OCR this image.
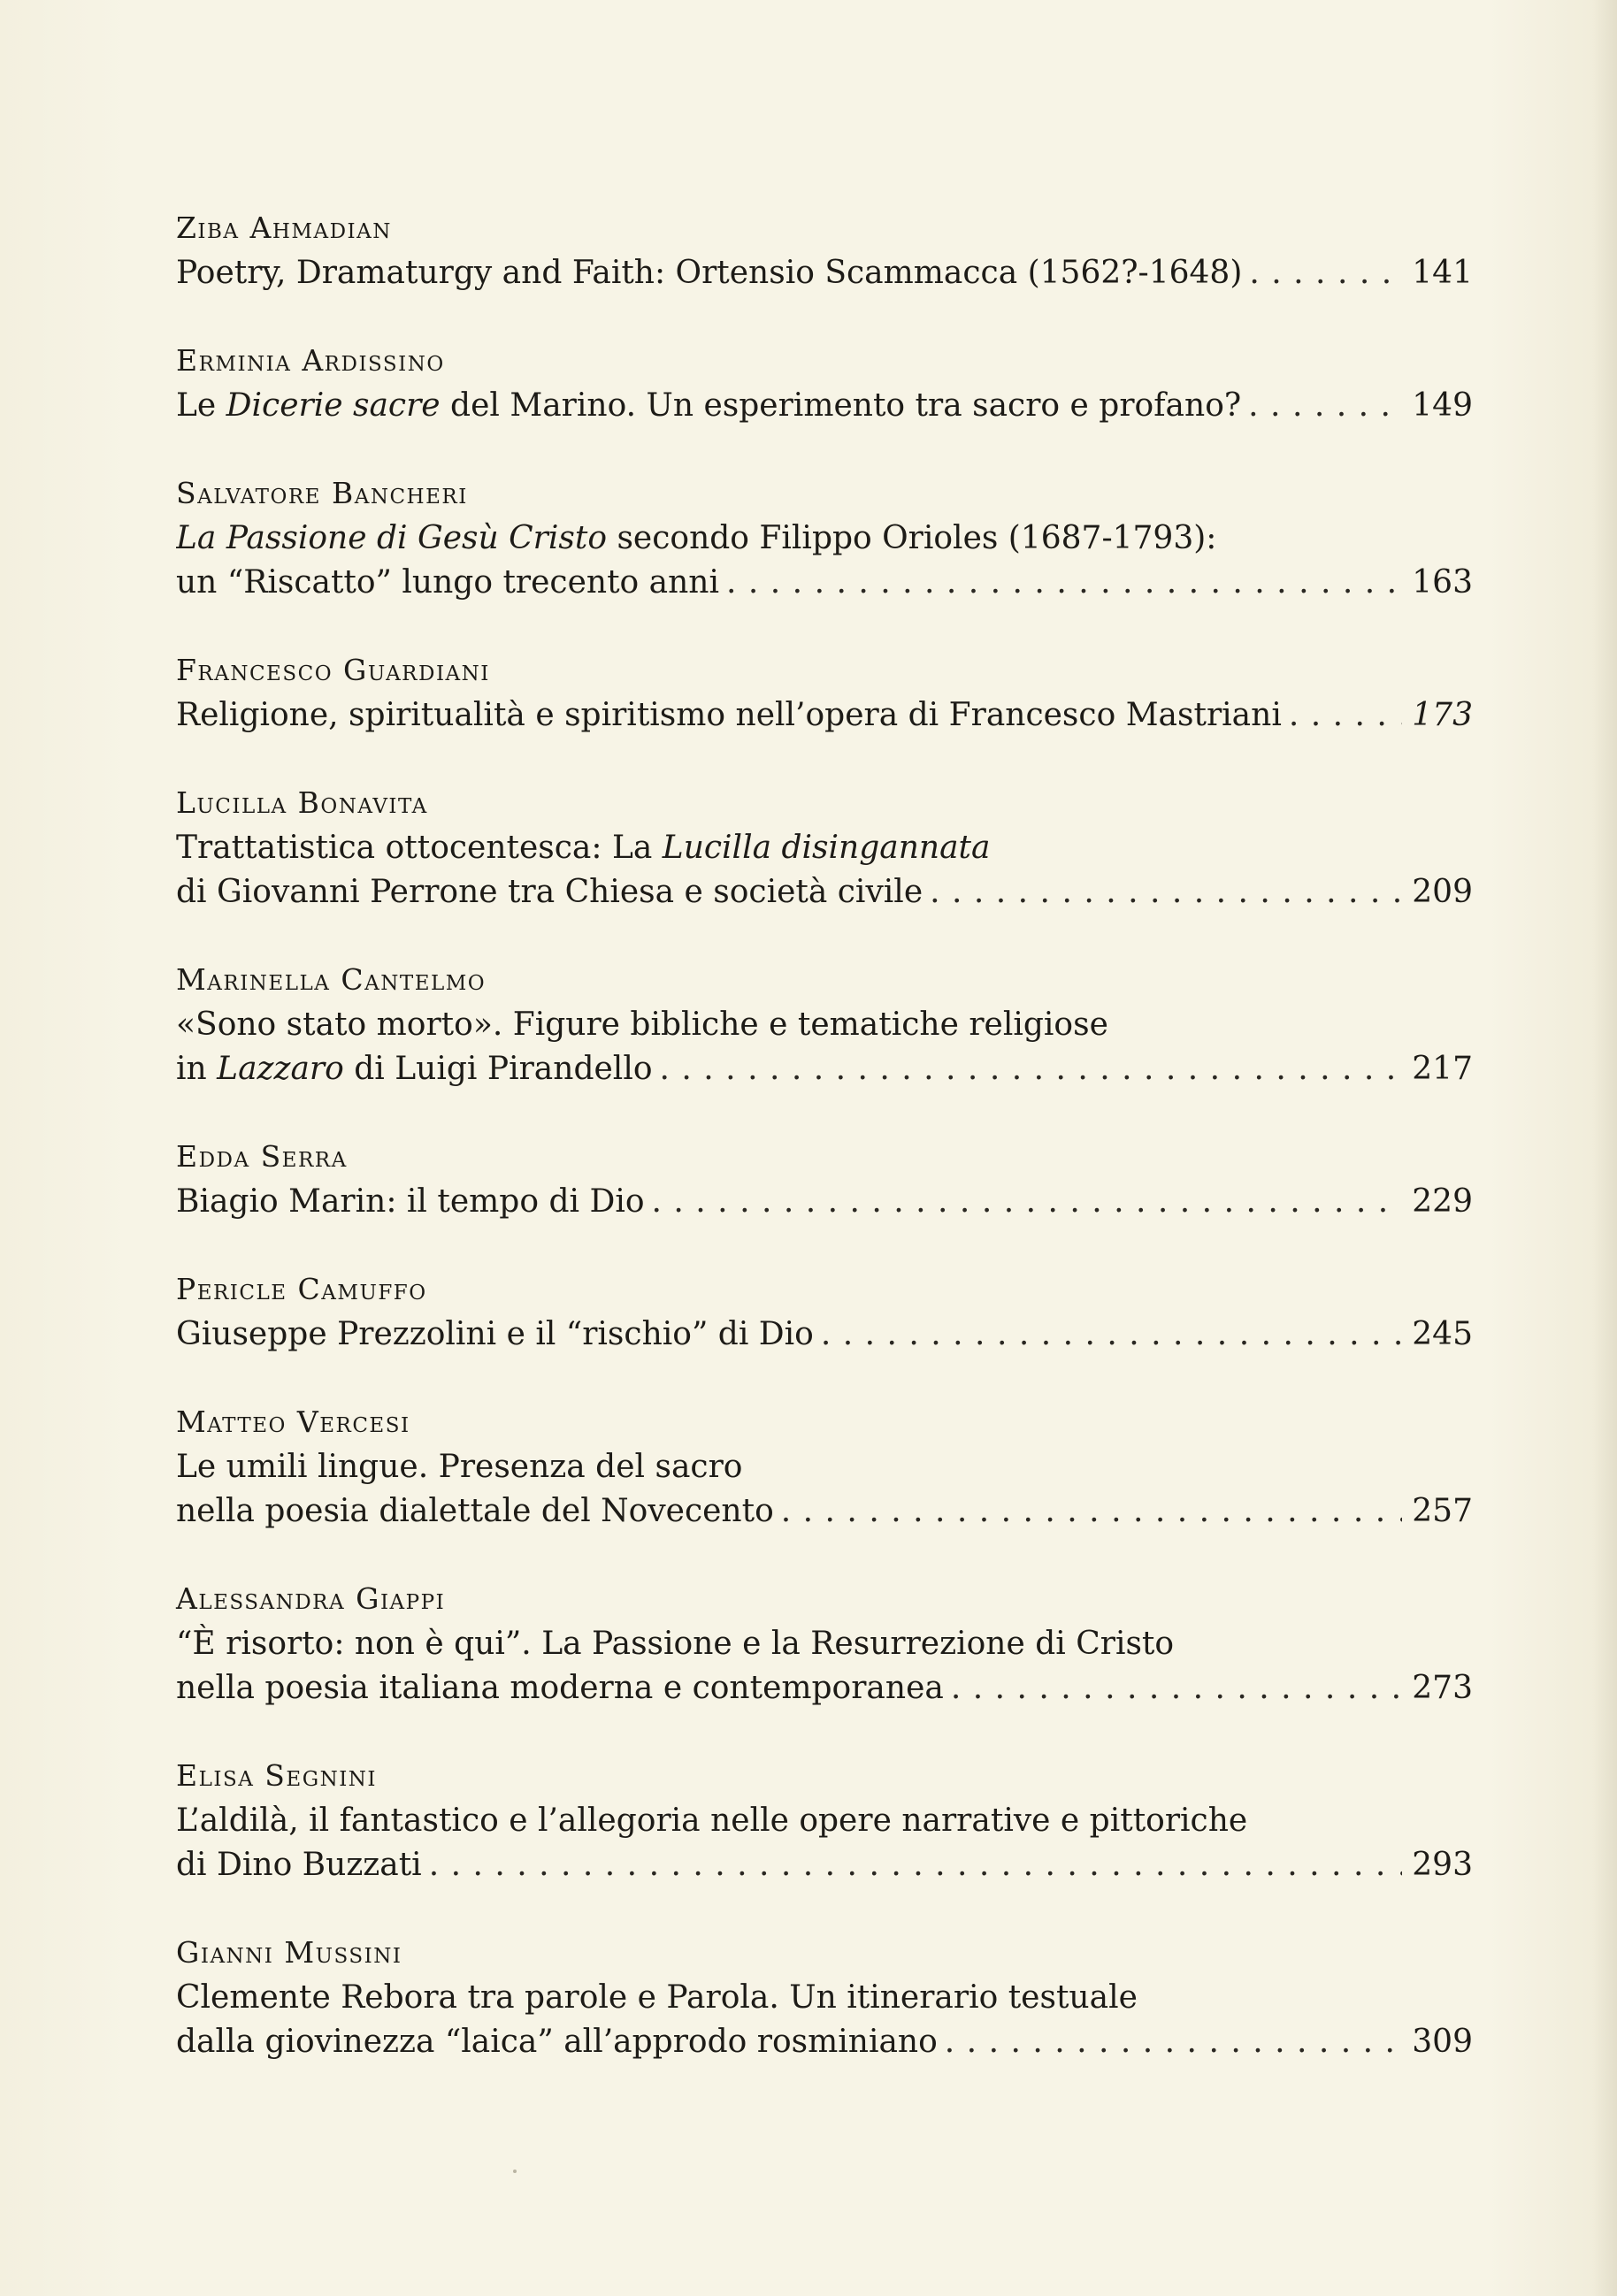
Ziba Ahmadian
Poetry, Dramaturgy and Faith: Ortensio Scammacca (1562?-1648) . . .	141
Erminia Ardissino
Le Dicerie sacre del Marino. Un esperimento tra sacro e profano? . . .	149
Salvatore Bancheri
La Passione di Gesù Cristo secondo Filippo Orioles (1687-1793):
un “Riscatto” lungo trecento anni . . .	163
Francesco Guardiani
Religione, spiritualità e spiritismo nell’opera di Francesco Mastriani . . .	173
Lucilla Bonavita
Trattatistica ottocentesca: La Lucilla disingannata
di Giovanni Perrone tra Chiesa e società civile . . .	209
Marinella Cantelmo
«Sono stato morto». Figure bibliche e tematiche religiose
in Lazzaro di Luigi Pirandello . . .	217
Edda Serra
Biagio Marin: il tempo di Dio . . .	229
Pericle Camuffo
Giuseppe Prezzolini e il “rischio” di Dio . . .	245
Matteo Vercesi
Le umili lingue. Presenza del sacro
nella poesia dialettale del Novecento . . .	257
Alessandra Giappi
“È risorto: non è qui”. La Passione e la Resurrezione di Cristo
nella poesia italiana moderna e contemporanea . . .	273
Elisa Segnini
L’aldilà, il fantastico e l’allegoria nelle opere narrative e pittoriche
di Dino Buzzati . . .	293
Gianni Mussini
Clemente Rebora tra parole e Parola. Un itinerario testuale
dalla giovinezza “laica” all’approdo rosminiano . . .	309
